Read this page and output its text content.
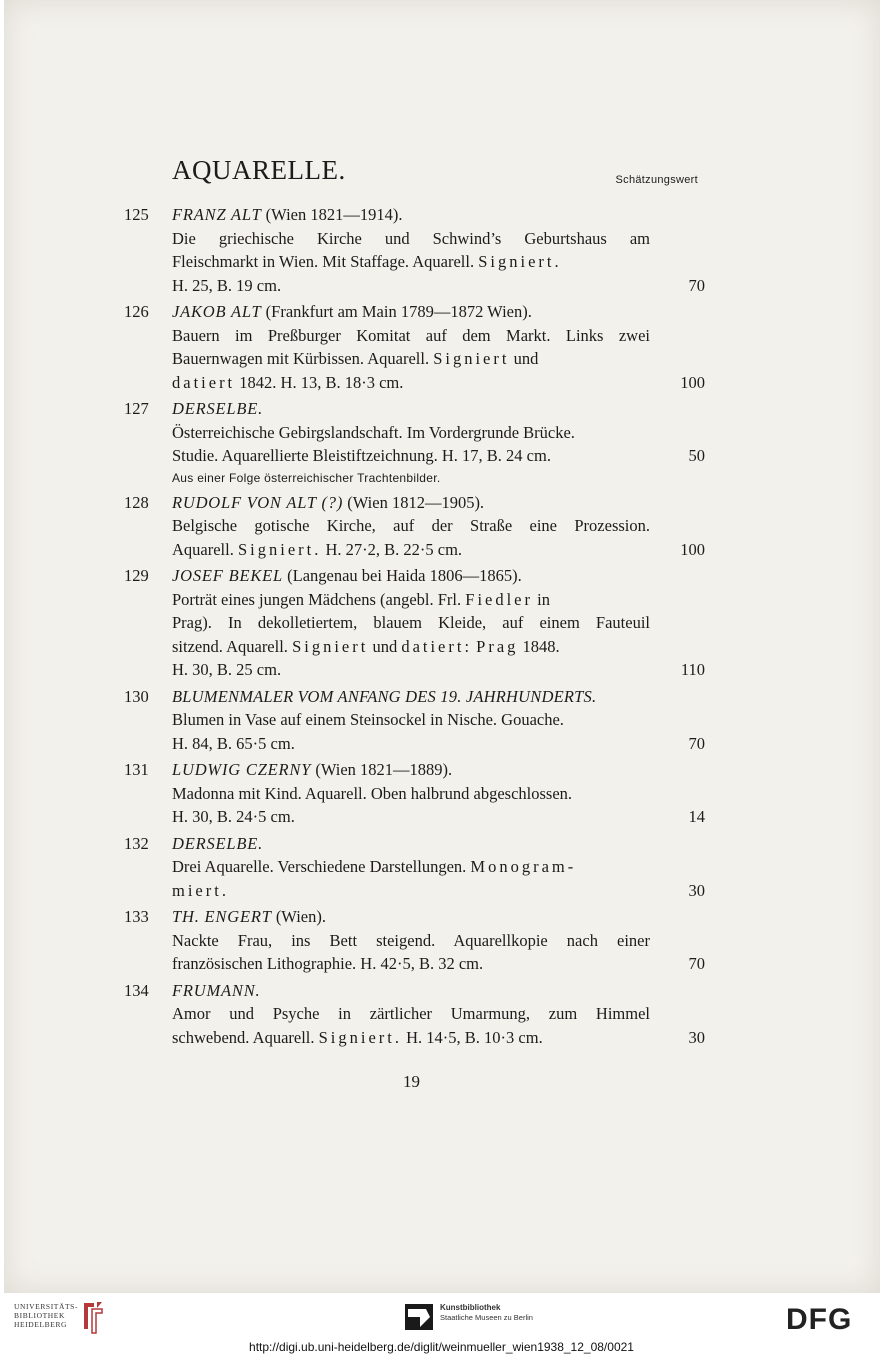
AQUARELLE.	Schätzungswert
125	FRANZ ALT (Wien 1821—1914).
Die griechische Kirche und Schwind’s Geburtshaus am
Fleischmarkt in Wien. Mit Staffage. Aquarell. Signiert.
H. 25, B. 19 cm.	70
126	JAKOB ALT (Frankfurt am Main 1789—1872 Wien).
Bauern im Preßburger Komitat auf dem Markt. Links zwei
Bauernwagen mit Kürbissen. Aquarell. Signiert und
datiert 1842. H. 13, B. 18·3 cm.	100
127	DERSELBE.
Österreichische Gebirgslandschaft. Im Vordergrunde Brücke.
Studie. Aquarellierte Bleistiftzeichnung. H. 17, B. 24 cm.	50
Aus einer Folge österreichischer Trachtenbilder.
128	RUDOLF VON ALT (?) (Wien 1812—1905).
Belgische gotische Kirche, auf der Straße eine Prozession.
Aquarell. Signiert. H. 27·2, B. 22·5 cm.	100
129	JOSEF BEKEL (Langenau bei Haida 1806—1865).
Porträt eines jungen Mädchens (angebl. Frl. Fiedler in
Prag). In dekolletiertem, blauem Kleide, auf einem Fauteuil
sitzend. Aquarell. Signiert und datiert: Prag 1848.
H. 30, B. 25 cm.	110
130	BLUMENMALER VOM ANFANG DES 19. JAHRHUNDERTS.
Blumen in Vase auf einem Steinsockel in Nische. Gouache.
H. 84, B. 65·5 cm.	70
131	LUDWIG CZERNY (Wien 1821—1889).
Madonna mit Kind. Aquarell. Oben halbrund abgeschlossen.
H. 30, B. 24·5 cm.	14
132	DERSELBE.
Drei Aquarelle. Verschiedene Darstellungen. Monogram-
miert.	30
133	TH. ENGERT (Wien).
Nackte Frau, ins Bett steigend. Aquarellkopie nach einer
französischen Lithographie. H. 42·5, B. 32 cm.	70
134	FRUMANN.
Amor und Psyche in zärtlicher Umarmung, zum Himmel
schwebend. Aquarell. Signiert. H. 14·5, B. 10·3 cm.	30
19
UNIVERSITÄTS-
BIBLIOTHEK
HEIDELBERG
Kunstbibliothek
Staatliche Museen zu Berlin	DFG
http://digi.ub.uni-heidelberg.de/diglit/weinmueller_wien1938_12_08/0021
